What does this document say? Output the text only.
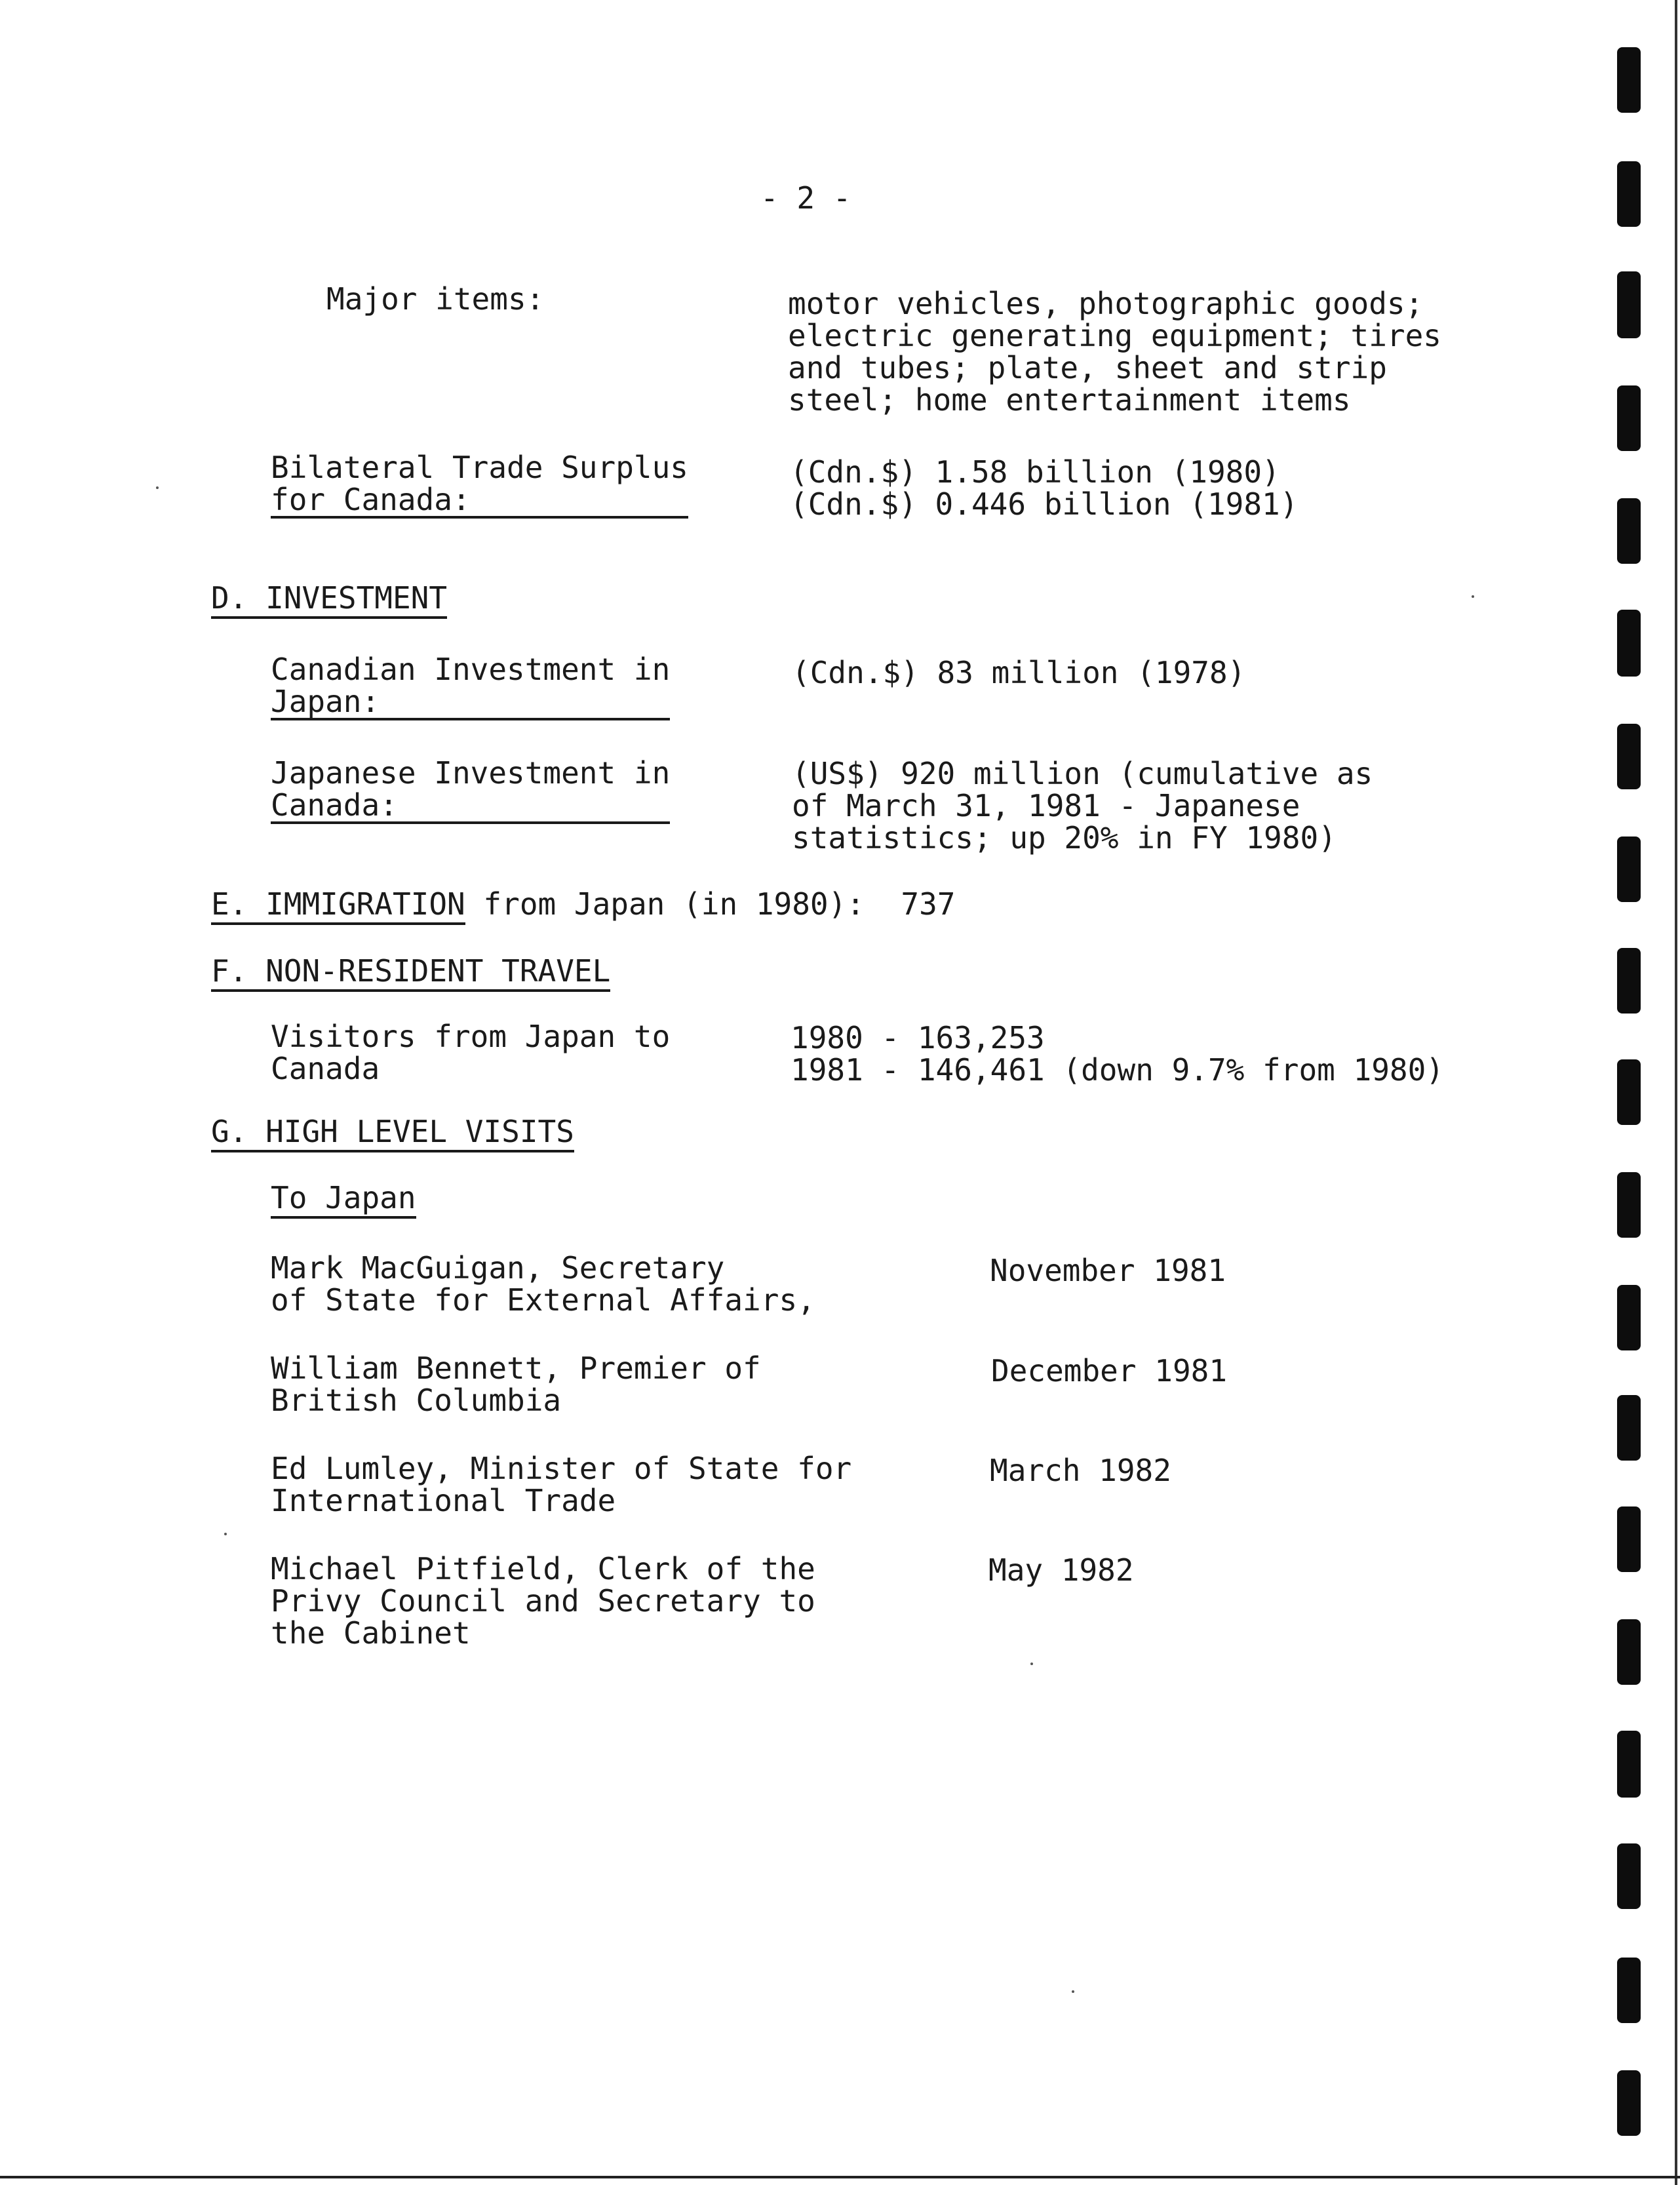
- 2 -
Major items:	motor vehicles, photographic goods;
electric generating equipment; tires
and tubes; plate, sheet and strip
steel; home entertainment items
Bilateral Trade Surplus
for Canada:
(Cdn.$) 1.58 billion (1980)
(Cdn.$) 0.446 billion (1981)
D. INVESTMENT
Canadian Investment in
Japan:
(Cdn.$) 83 million (1978)
Japanese Investment in
Canada:
(US$) 920 million (cumulative as
of March 31, 1981 - Japanese
statistics; up 20% in FY 1980)
E. IMMIGRATION from Japan (in 1980):  737
F. NON-RESIDENT TRAVEL
Visitors from Japan to
Canada
1980 - 163,253
1981 - 146,461 (down 9.7% from 1980)
G. HIGH LEVEL VISITS
To Japan
Mark MacGuigan, Secretary
of State for External Affairs,
November 1981
William Bennett, Premier of
British Columbia
December 1981
Ed Lumley, Minister of State for
International Trade
March 1982
Michael Pitfield, Clerk of the
Privy Council and Secretary to
the Cabinet
May 1982
